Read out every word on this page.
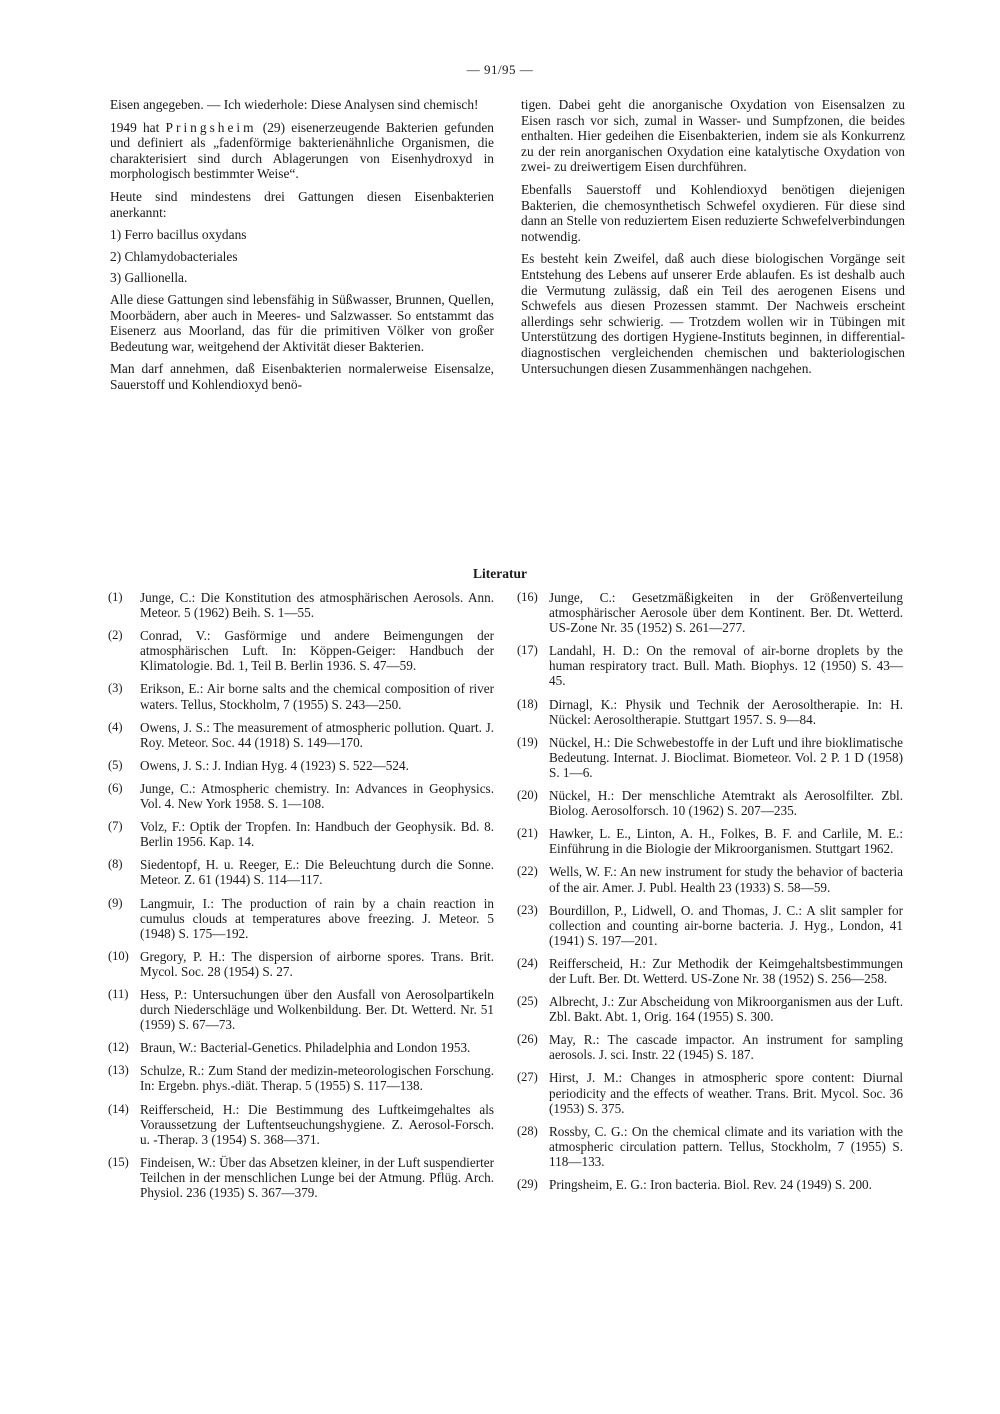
— 91/95 —

Eisen angegeben. — Ich wiederhole: Diese Analysen sind chemisch!

1949 hat Pringsheim (29) eisenerzeugende Bakterien gefunden und definiert als „fadenförmige bakterienähnliche Organismen, die charakterisiert sind durch Ablagerungen von Eisenhydroxyd in morphologisch bestimmter Weise“.

Heute sind mindestens drei Gattungen diesen Eisenbakterien anerkannt:

1) Ferro bacillus oxydans
2) Chlamydobacteriales
3) Gallionella.

Alle diese Gattungen sind lebensfähig in Süßwasser, Brunnen, Quellen, Moorbädern, aber auch in Meeres- und Salzwasser. So entstammt das Eisenerz aus Moorland, das für die primitiven Völker von großer Bedeutung war, weitgehend der Aktivität dieser Bakterien.

Man darf annehmen, daß Eisenbakterien normalerweise Eisensalze, Sauerstoff und Kohlendioxyd benö-

tigen. Dabei geht die anorganische Oxydation von Eisensalzen zu Eisen rasch vor sich, zumal in Wasser- und Sumpfzonen, die beides enthalten. Hier gedeihen die Eisenbakterien, indem sie als Konkurrenz zu der rein anorganischen Oxydation eine katalytische Oxydation von zwei- zu dreiwertigem Eisen durchführen.

Ebenfalls Sauerstoff und Kohlendioxyd benötigen diejenigen Bakterien, die chemosynthetisch Schwefel oxydieren. Für diese sind dann an Stelle von reduziertem Eisen reduzierte Schwefelverbindungen notwendig.

Es besteht kein Zweifel, daß auch diese biologischen Vorgänge seit Entstehung des Lebens auf unserer Erde ablaufen. Es ist deshalb auch die Vermutung zulässig, daß ein Teil des aerogenen Eisens und Schwefels aus diesen Prozessen stammt. Der Nachweis erscheint allerdings sehr schwierig. — Trotzdem wollen wir in Tübingen mit Unterstützung des dortigen Hygiene-Instituts beginnen, in differential-diagnostischen vergleichenden chemischen und bakteriologischen Untersuchungen diesen Zusammenhängen nachgehen.

Literatur
(1)	Junge, C.: Die Konstitution des atmosphärischen Aerosols. Ann. Meteor. 5 (1962) Beih. S. 1—55.
(2)	Conrad, V.: Gasförmige und andere Beimengungen der atmosphärischen Luft. In: Köppen-Geiger: Handbuch der Klimatologie. Bd. 1, Teil B. Berlin 1936. S. 47—59.
(3)	Erikson, E.: Air borne salts and the chemical composition of river waters. Tellus, Stockholm, 7 (1955) S. 243—250.
(4)	Owens, J. S.: The measurement of atmospheric pollution. Quart. J. Roy. Meteor. Soc. 44 (1918) S. 149—170.
(5)	Owens, J. S.: J. Indian Hyg. 4 (1923) S. 522—524.
(6)	Junge, C.: Atmospheric chemistry. In: Advances in Geophysics. Vol. 4. New York 1958. S. 1—108.
(7)	Volz, F.: Optik der Tropfen. In: Handbuch der Geophysik. Bd. 8. Berlin 1956. Kap. 14.
(8)	Siedentopf, H. u. Reeger, E.: Die Beleuchtung durch die Sonne. Meteor. Z. 61 (1944) S. 114—117.
(9)	Langmuir, I.: The production of rain by a chain reaction in cumulus clouds at temperatures above freezing. J. Meteor. 5 (1948) S. 175—192.
(10) Gregory, P. H.: The dispersion of airborne spores. Trans. Brit. Mycol. Soc. 28 (1954) S. 27.
(11) Hess, P.: Untersuchungen über den Ausfall von Aerosolpartikeln durch Niederschläge und Wolkenbildung. Ber. Dt. Wetterd. Nr. 51 (1959) S. 67—73.
(12) Braun, W.: Bacterial-Genetics. Philadelphia and London 1953.
(13) Schulze, R.: Zum Stand der medizin-meteorologischen Forschung. In: Ergebn. phys.-diät. Therap. 5 (1955) S. 117—138.
(14) Reifferscheid, H.: Die Bestimmung des Luftkeimgehaltes als Voraussetzung der Luftentseuchungshygiene. Z. Aerosol-Forsch. u. -Therap. 3 (1954) S. 368—371.
(15) Findeisen, W.: Über das Absetzen kleiner, in der Luft suspendierter Teilchen in der menschlichen Lunge bei der Atmung. Pflüg. Arch. Physiol. 236 (1935) S. 367—379.
(16) Junge, C.: Gesetzmäßigkeiten in der Größenverteilung atmosphärischer Aerosole über dem Kontinent. Ber. Dt. Wetterd. US-Zone Nr. 35 (1952) S. 261—277.
(17) Landahl, H. D.: On the removal of air-borne droplets by the human respiratory tract. Bull. Math. Biophys. 12 (1950) S. 43—45.
(18) Dirnagl, K.: Physik und Technik der Aerosoltherapie. In: H. Nückel: Aerosoltherapie. Stuttgart 1957. S. 9—84.
(19) Nückel, H.: Die Schwebestoffe in der Luft und ihre bioklimatische Bedeutung. Internat. J. Bioclimat. Biometeor. Vol. 2 P. 1 D (1958) S. 1—6.
(20) Nückel, H.: Der menschliche Atemtrakt als Aerosolfilter. Zbl. Biolog. Aerosolforsch. 10 (1962) S. 207—235.
(21) Hawker, L. E., Linton, A. H., Folkes, B. F. and Carlile, M. E.: Einführung in die Biologie der Mikroorganismen. Stuttgart 1962.
(22) Wells, W. F.: An new instrument for study the behavior of bacteria of the air. Amer. J. Publ. Health 23 (1933) S. 58—59.
(23) Bourdillon, P., Lidwell, O. and Thomas, J. C.: A slit sampler for collection and counting air-borne bacteria. J. Hyg., London, 41 (1941) S. 197—201.
(24) Reifferscheid, H.: Zur Methodik der Keimgehaltsbestimmungen der Luft. Ber. Dt. Wetterd. US-Zone Nr. 38 (1952) S. 256—258.
(25) Albrecht, J.: Zur Abscheidung von Mikroorganismen aus der Luft. Zbl. Bakt. Abt. 1, Orig. 164 (1955) S. 300.
(26) May, R.: The cascade impactor. An instrument for sampling aerosols. J. sci. Instr. 22 (1945) S. 187.
(27) Hirst, J. M.: Changes in atmospheric spore content: Diurnal periodicity and the effects of weather. Trans. Brit. Mycol. Soc. 36 (1953) S. 375.
(28) Rossby, C. G.: On the chemical climate and its variation with the atmospheric circulation pattern. Tellus, Stockholm, 7 (1955) S. 118—133.
(29) Pringsheim, E. G.: Iron bacteria. Biol. Rev. 24 (1949) S. 200.
